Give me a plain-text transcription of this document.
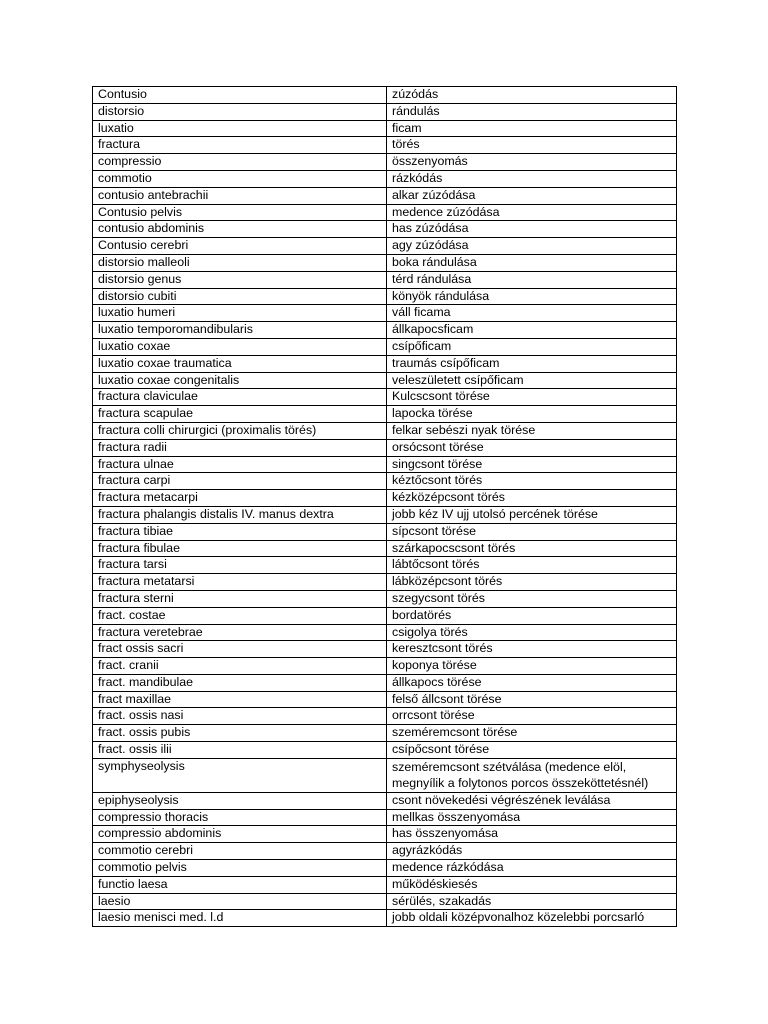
Contusio	zúzódás
distorsio	rándulás
luxatio	ficam
fractura	törés
compressio	összenyomás
commotio	rázkódás
contusio antebrachii	alkar zúzódása
Contusio pelvis	medence zúzódása
contusio abdominis	has zúzódása
Contusio cerebri	agy zúzódása
distorsio malleoli	boka rándulása
distorsio genus	térd rándulása
distorsio cubiti	könyök rándulása
luxatio humeri	váll ficama
luxatio temporomandibularis	állkapocsficam
luxatio coxae	csípőficam
luxatio coxae traumatica	traumás csípőficam
luxatio coxae congenitalis	veleszületett csípőficam
fractura claviculae	Kulcscsont törése
fractura scapulae	lapocka törése
fractura colli chirurgici (proximalis törés)	felkar sebészi nyak törése
fractura radii	orsócsont törése
fractura ulnae	singcsont törése
fractura carpi	kéztőcsont törés
fractura metacarpi	kézközépcsont törés
fractura phalangis distalis IV. manus dextra	jobb kéz IV ujj utolsó percének törése
fractura tibiae	sípcsont törése
fractura fibulae	szárkapocscsont törés
fractura tarsi	lábtőcsont törés
fractura metatarsi	lábközépcsont törés
fractura sterni	szegycsont törés
fract. costae	bordatörés
fractura veretebrae	csigolya törés
fract ossis sacri	keresztcsont törés
fract. cranii	koponya törése
fract. mandibulae	állkapocs törése
fract maxillae	felső állcsont törése
fract. ossis nasi	orrcsont törése
fract. ossis pubis	szeméremcsont törése
fract. ossis ilii	csípőcsont törése
symphyseolysis	szeméremcsont szétválása (medence elöl, megnyílik a folytonos porcos összeköttetésnél)
epiphyseolysis	csont növekedési végrészének leválása
compressio thoracis	mellkas összenyomása
compressio abdominis	has összenyomása
commotio cerebri	agyrázkódás
commotio pelvis	medence rázkódása
functio laesa	működéskiesés
laesio	sérülés, szakadás
laesio menisci med. l.d	jobb oldali középvonalhoz közelebbi porcsarló
